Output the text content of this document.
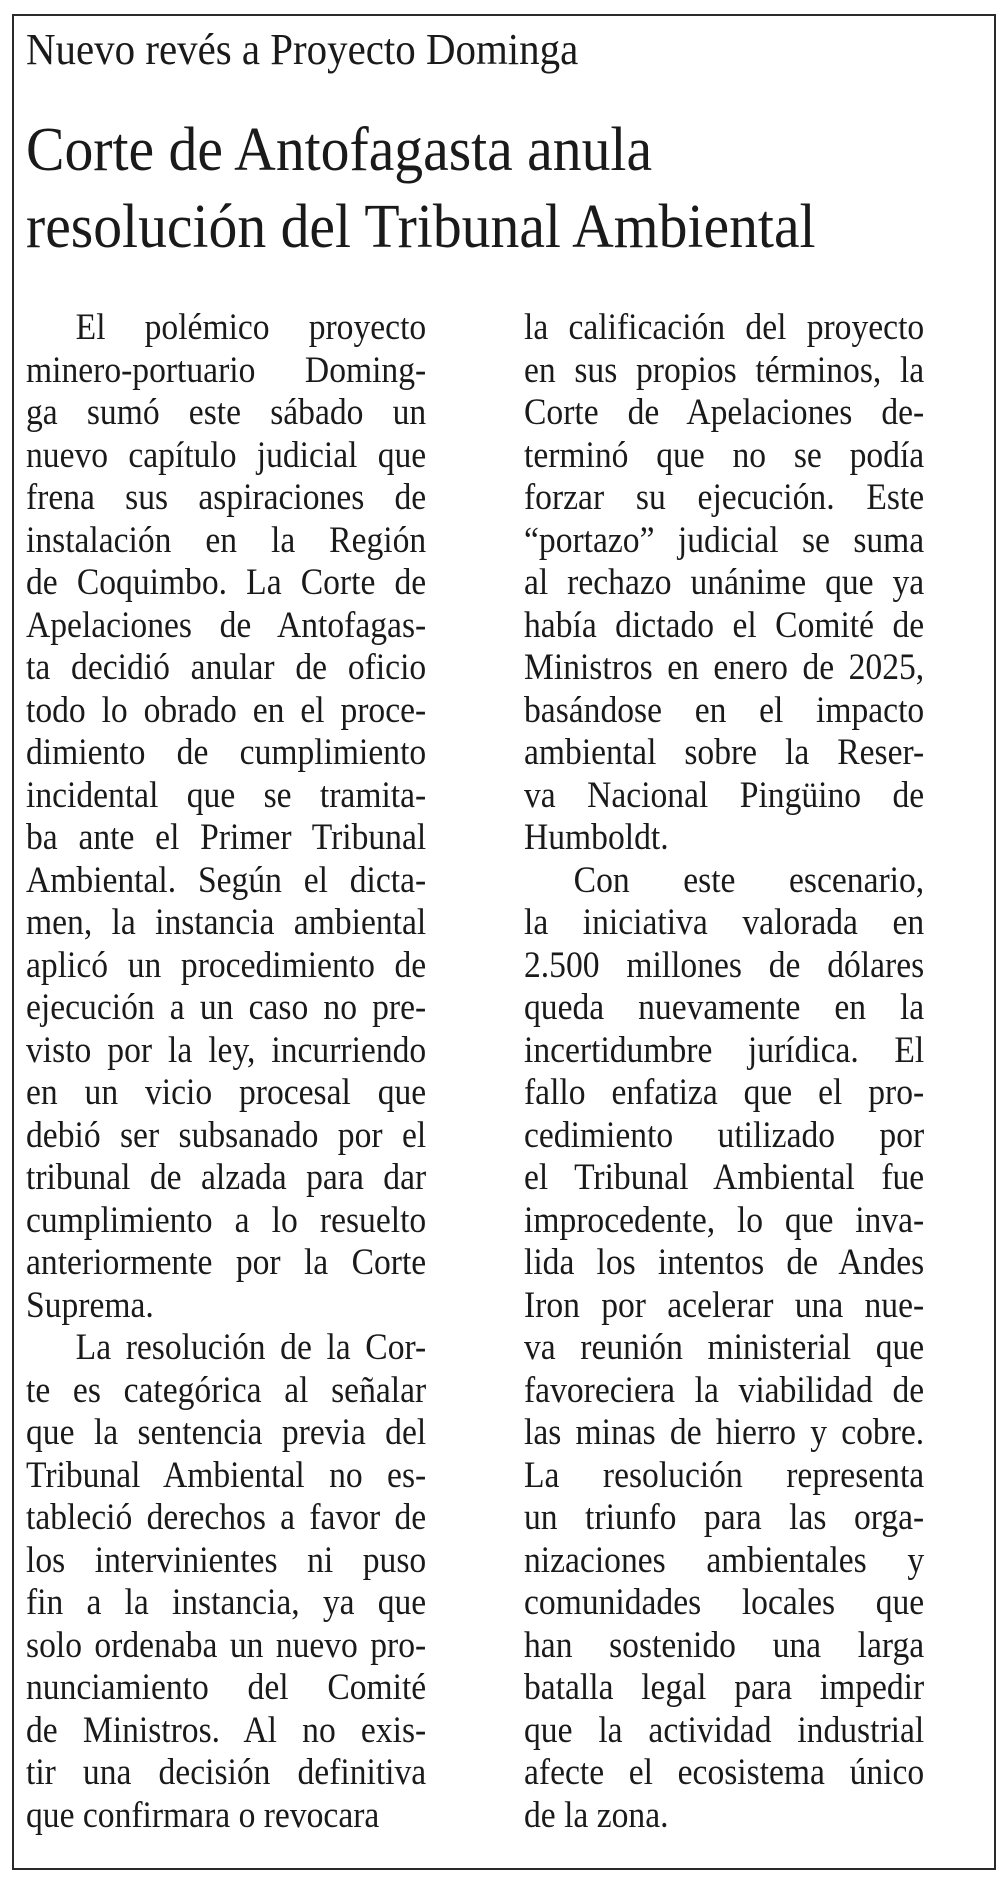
Nuevo revés a Proyecto Dominga
Corte de Antofagasta anula
resolución del Tribunal Ambiental
El polémico proyecto
minero-portuario Doming-
ga sumó este sábado un
nuevo capítulo judicial que
frena sus aspiraciones de
instalación en la Región
de Coquimbo. La Corte de
Apelaciones de Antofagas-
ta decidió anular de oficio
todo lo obrado en el proce-
dimiento de cumplimiento
incidental que se tramita-
ba ante el Primer Tribunal
Ambiental. Según el dicta-
men, la instancia ambiental
aplicó un procedimiento de
ejecución a un caso no pre-
visto por la ley, incurriendo
en un vicio procesal que
debió ser subsanado por el
tribunal de alzada para dar
cumplimiento a lo resuelto
anteriormente por la Corte
Suprema.
La resolución de la Cor-
te es categórica al señalar
que la sentencia previa del
Tribunal Ambiental no es-
tableció derechos a favor de
los intervinientes ni puso
fin a la instancia, ya que
solo ordenaba un nuevo pro-
nunciamiento del Comité
de Ministros. Al no exis-
tir una decisión definitiva
que confirmara o revocara
la calificación del proyecto
en sus propios términos, la
Corte de Apelaciones de-
terminó que no se podía
forzar su ejecución. Este
“portazo” judicial se suma
al rechazo unánime que ya
había dictado el Comité de
Ministros en enero de 2025,
basándose en el impacto
ambiental sobre la Reser-
va Nacional Pingüino de
Humboldt.
Con este escenario,
la iniciativa valorada en
2.500 millones de dólares
queda nuevamente en la
incertidumbre jurídica. El
fallo enfatiza que el pro-
cedimiento utilizado por
el Tribunal Ambiental fue
improcedente, lo que inva-
lida los intentos de Andes
Iron por acelerar una nue-
va reunión ministerial que
favoreciera la viabilidad de
las minas de hierro y cobre.
La resolución representa
un triunfo para las orga-
nizaciones ambientales y
comunidades locales que
han sostenido una larga
batalla legal para impedir
que la actividad industrial
afecte el ecosistema único
de la zona.
